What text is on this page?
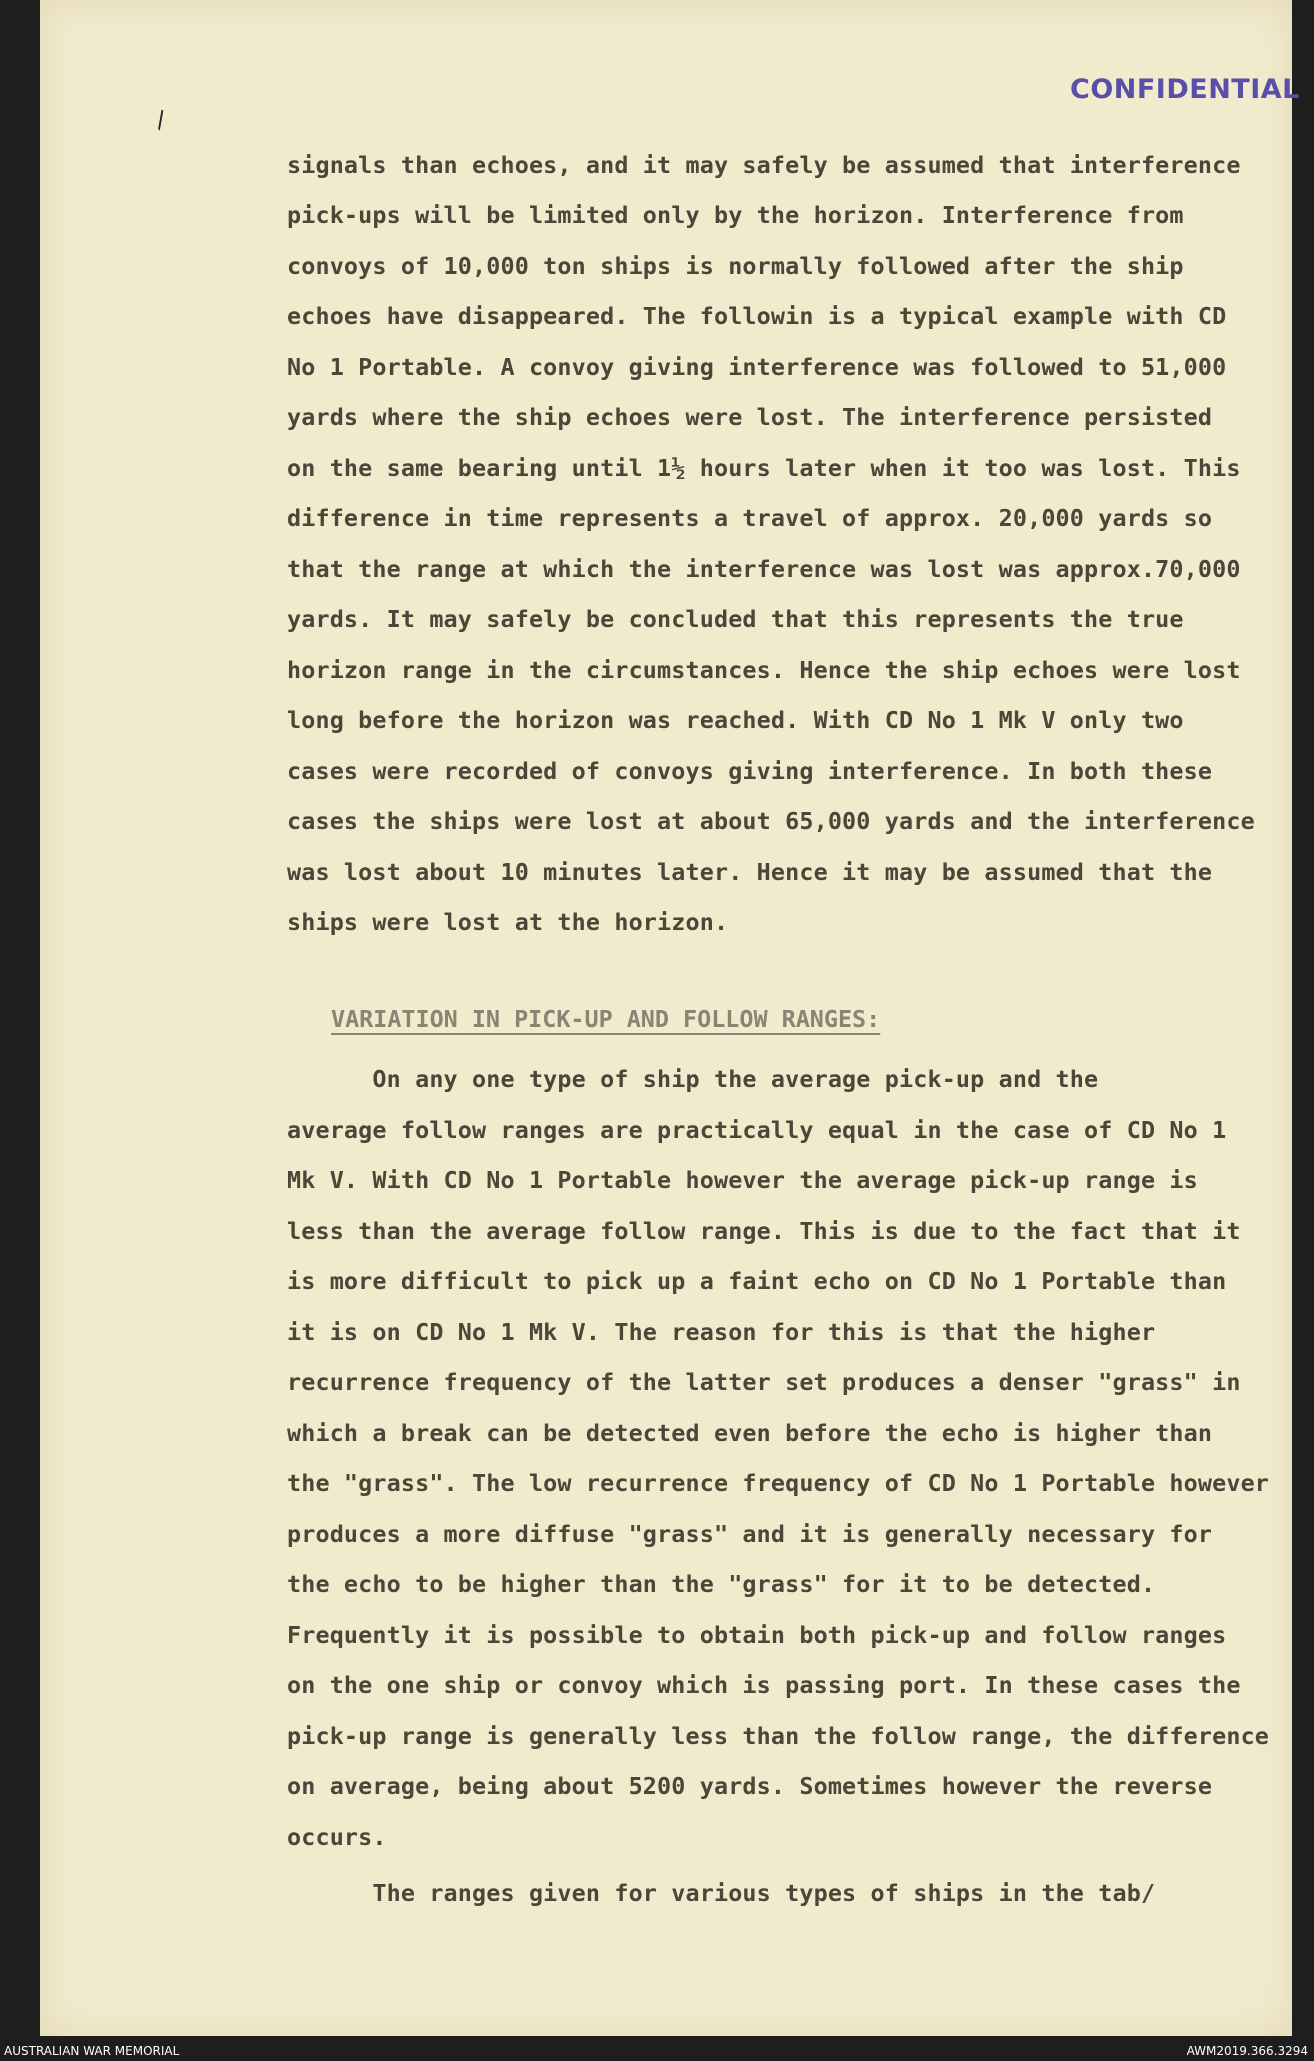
CONFIDENTIAL
\
signals than echoes, and it may safely be assumed that interference
pick-ups will be limited only by the horizon. Interference from
convoys of 10,000 ton ships is normally followed after the ship
echoes have disappeared. The followin is a typical example with CD
No 1 Portable. A convoy giving interference was followed to 51,000
yards where the ship echoes were lost. The interference persisted
on the same bearing until 1½ hours later when it too was lost. This
difference in time represents a travel of approx. 20,000 yards so
that the range at which the interference was lost was approx.70,000
yards. It may safely be concluded that this represents the true
horizon range in the circumstances. Hence the ship echoes were lost
long before the horizon was reached. With CD No 1 Mk V only two
cases were recorded of convoys giving interference. In both these
cases the ships were lost at about 65,000 yards and the interference
was lost about 10 minutes later. Hence it may be assumed that the
ships were lost at the horizon.
VARIATION IN PICK-UP AND FOLLOW RANGES:
On any one type of ship the average pick-up and the
average follow ranges are practically equal in the case of CD No 1
Mk V. With CD No 1 Portable however the average pick-up range is
less than the average follow range. This is due to the fact that it
is more difficult to pick up a faint echo on CD No 1 Portable than
it is on CD No 1 Mk V. The reason for this is that the higher
recurrence frequency of the latter set produces a denser "grass" in
which a break can be detected even before the echo is higher than
the "grass". The low recurrence frequency of CD No 1 Portable however
produces a more diffuse "grass" and it is generally necessary for
the echo to be higher than the "grass" for it to be detected.
Frequently it is possible to obtain both pick-up and follow ranges
on the one ship or convoy which is passing port. In these cases the
pick-up range is generally less than the follow range, the difference
on average, being about 5200 yards. Sometimes however the reverse
occurs.
The ranges given for various types of ships in the tab/
AUSTRALIAN WAR MEMORIAL	AWM2019.366.3294
